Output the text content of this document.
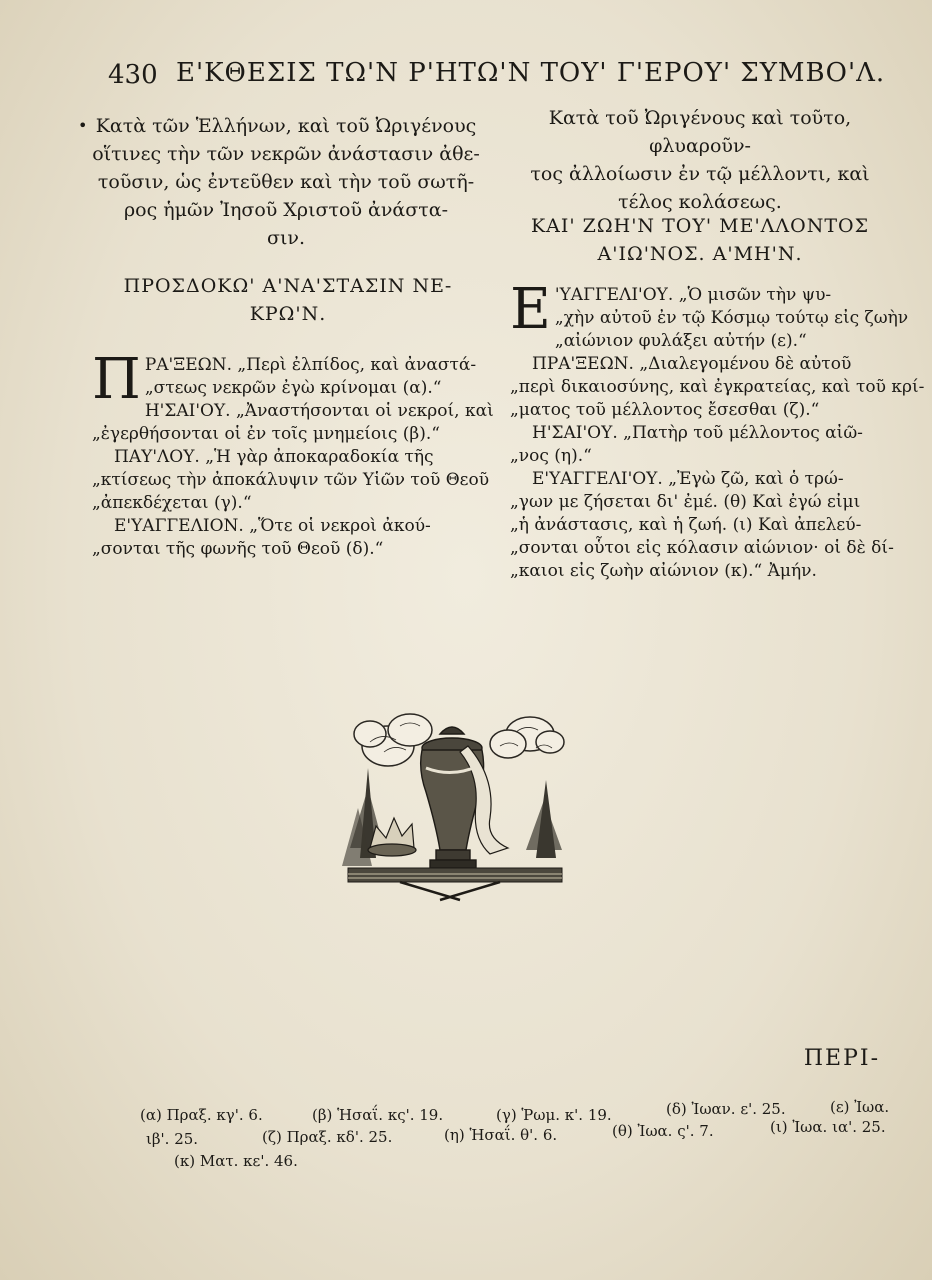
430 Ε'ΚΘΕΣΙΣ ΤΩ'Ν Ρ'ΗΤΩ'Ν ΤΟΥ' Γ'ΕΡΟΥ' ΣΥΜΒΟ'Λ.
• Κατὰ τῶν Ἑλλήνων, καὶ τοῦ Ὠριγένους
οἵτινες τὴν τῶν νεκρῶν ἀνάστασιν ἀθε-
τοῦσιν, ὡς ἐντεῦθεν καὶ τὴν τοῦ σωτῆ-
ρος ἡμῶν Ἰησοῦ Χριστοῦ ἀνάστα-
σιν.
ΠΡΟΣΔΟΚΩ' Α'ΝΑ'ΣΤΑΣΙΝ ΝΕ-
ΚΡΩ'Ν.
Π ΡΑ'ΞΕΩΝ. „Περὶ ἐλπίδος, καὶ ἀναστά-
„στεως νεκρῶν ἐγὼ κρίνομαι (α).“
Η'ΣΑΙ'ΟΥ. „Ἀναστήσονται οἱ νεκροί, καὶ
„ἐγερθήσονται οἱ ἐν τοῖς μνημείοις (β).“
ΠΑΥ'ΛΟΥ. „Ἡ γὰρ ἀποκαραδοκία τῆς
„κτίσεως τὴν ἀποκάλυψιν τῶν Υἱῶν τοῦ Θεοῦ
„ἀπεκδέχεται (γ).“
Ε'ΥΑΓΓΕΛΙΟΝ. „Ὅτε οἱ νεκροὶ ἀκού-
„σονται τῆς φωνῆς τοῦ Θεοῦ (δ).“
Κατὰ τοῦ Ὠριγένους καὶ τοῦτο, φλυαροῦν-
τος ἀλλοίωσιν ἐν τῷ μέλλοντι, καὶ
τέλος κολάσεως.
ΚΑΙ' ΖΩΗ'Ν ΤΟΥ' ΜΕ'ΛΛΟΝΤΟΣ
Α'ΙΩ'ΝΟΣ. Α'ΜΗ'Ν.
Ε 'ΥΑΓΓΕΛΙ'ΟΥ. „Ὁ μισῶν τὴν ψυ-
„χὴν αὐτοῦ ἐν τῷ Κόσμῳ τούτῳ εἰς ζωὴν
„αἰώνιον φυλάξει αὐτήν (ε).“
ΠΡΑ'ΞΕΩΝ. „Διαλεγομένου δὲ αὐτοῦ
„περὶ δικαιοσύνης, καὶ ἐγκρατείας, καὶ τοῦ κρί-
„ματος τοῦ μέλλοντος ἔσεσθαι (ζ).“
Η'ΣΑΙ'ΟΥ. „Πατὴρ τοῦ μέλλοντος αἰῶ-
„νος (η).“
Ε'ΥΑΓΓΕΛΙ'ΟΥ. „Ἐγὼ ζῶ, καὶ ὁ τρώ-
„γων με ζήσεται δι' ἐμέ. (θ) Καὶ ἐγώ εἰμι
„ἡ ἀνάστασις, καὶ ἡ ζωή. (ι) Καὶ ἀπελεύ-
„σονται οὗτοι εἰς κόλασιν αἰώνιον· οἱ δὲ δί-
„καιοι εἰς ζωὴν αἰώνιον (κ).“ Ἀμήν.
ΠΕΡΙ-
(α) Πραξ. κγ'. 6.	(β) Ἡσαΐ. κς'. 19.	(γ) Ῥωμ. κ'. 19.	(δ) Ἰωαν. ε'. 25.	(ε) Ἰωα.
ιβ'. 25.	(ζ) Πραξ. κδ'. 25.	(η) Ἡσαΐ. θ'. 6.	(θ) Ἰωα. ς'. 7.	(ι) Ἰωα. ια'. 25.
(κ) Ματ. κε'. 46.
